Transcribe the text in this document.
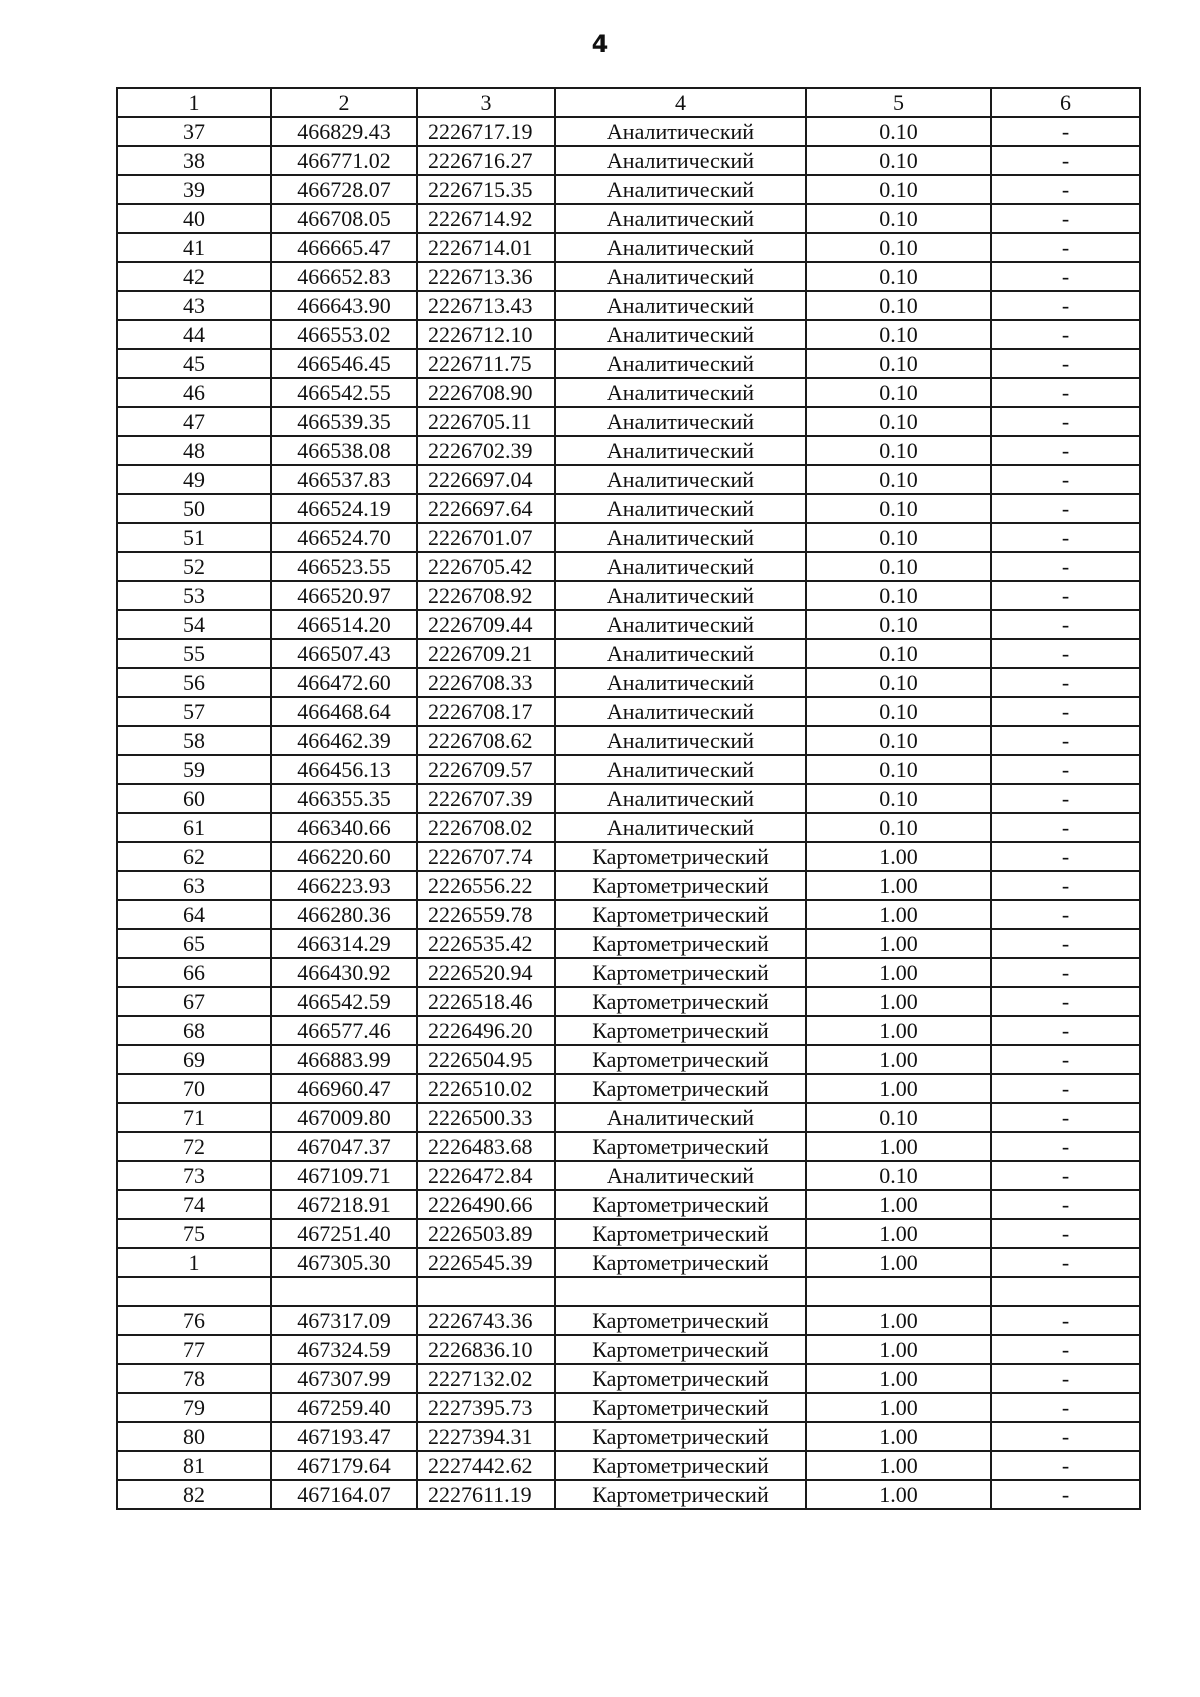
4
1	2	3	4	5	6
37	466829.43	2226717.19	Аналитический	0.10	-
38	466771.02	2226716.27	Аналитический	0.10	-
39	466728.07	2226715.35	Аналитический	0.10	-
40	466708.05	2226714.92	Аналитический	0.10	-
41	466665.47	2226714.01	Аналитический	0.10	-
42	466652.83	2226713.36	Аналитический	0.10	-
43	466643.90	2226713.43	Аналитический	0.10	-
44	466553.02	2226712.10	Аналитический	0.10	-
45	466546.45	2226711.75	Аналитический	0.10	-
46	466542.55	2226708.90	Аналитический	0.10	-
47	466539.35	2226705.11	Аналитический	0.10	-
48	466538.08	2226702.39	Аналитический	0.10	-
49	466537.83	2226697.04	Аналитический	0.10	-
50	466524.19	2226697.64	Аналитический	0.10	-
51	466524.70	2226701.07	Аналитический	0.10	-
52	466523.55	2226705.42	Аналитический	0.10	-
53	466520.97	2226708.92	Аналитический	0.10	-
54	466514.20	2226709.44	Аналитический	0.10	-
55	466507.43	2226709.21	Аналитический	0.10	-
56	466472.60	2226708.33	Аналитический	0.10	-
57	466468.64	2226708.17	Аналитический	0.10	-
58	466462.39	2226708.62	Аналитический	0.10	-
59	466456.13	2226709.57	Аналитический	0.10	-
60	466355.35	2226707.39	Аналитический	0.10	-
61	466340.66	2226708.02	Аналитический	0.10	-
62	466220.60	2226707.74	Картометрический	1.00	-
63	466223.93	2226556.22	Картометрический	1.00	-
64	466280.36	2226559.78	Картометрический	1.00	-
65	466314.29	2226535.42	Картометрический	1.00	-
66	466430.92	2226520.94	Картометрический	1.00	-
67	466542.59	2226518.46	Картометрический	1.00	-
68	466577.46	2226496.20	Картометрический	1.00	-
69	466883.99	2226504.95	Картометрический	1.00	-
70	466960.47	2226510.02	Картометрический	1.00	-
71	467009.80	2226500.33	Аналитический	0.10	-
72	467047.37	2226483.68	Картометрический	1.00	-
73	467109.71	2226472.84	Аналитический	0.10	-
74	467218.91	2226490.66	Картометрический	1.00	-
75	467251.40	2226503.89	Картометрический	1.00	-
1	467305.30	2226545.39	Картометрический	1.00	-

76	467317.09	2226743.36	Картометрический	1.00	-
77	467324.59	2226836.10	Картометрический	1.00	-
78	467307.99	2227132.02	Картометрический	1.00	-
79	467259.40	2227395.73	Картометрический	1.00	-
80	467193.47	2227394.31	Картометрический	1.00	-
81	467179.64	2227442.62	Картометрический	1.00	-
82	467164.07	2227611.19	Картометрический	1.00	-
